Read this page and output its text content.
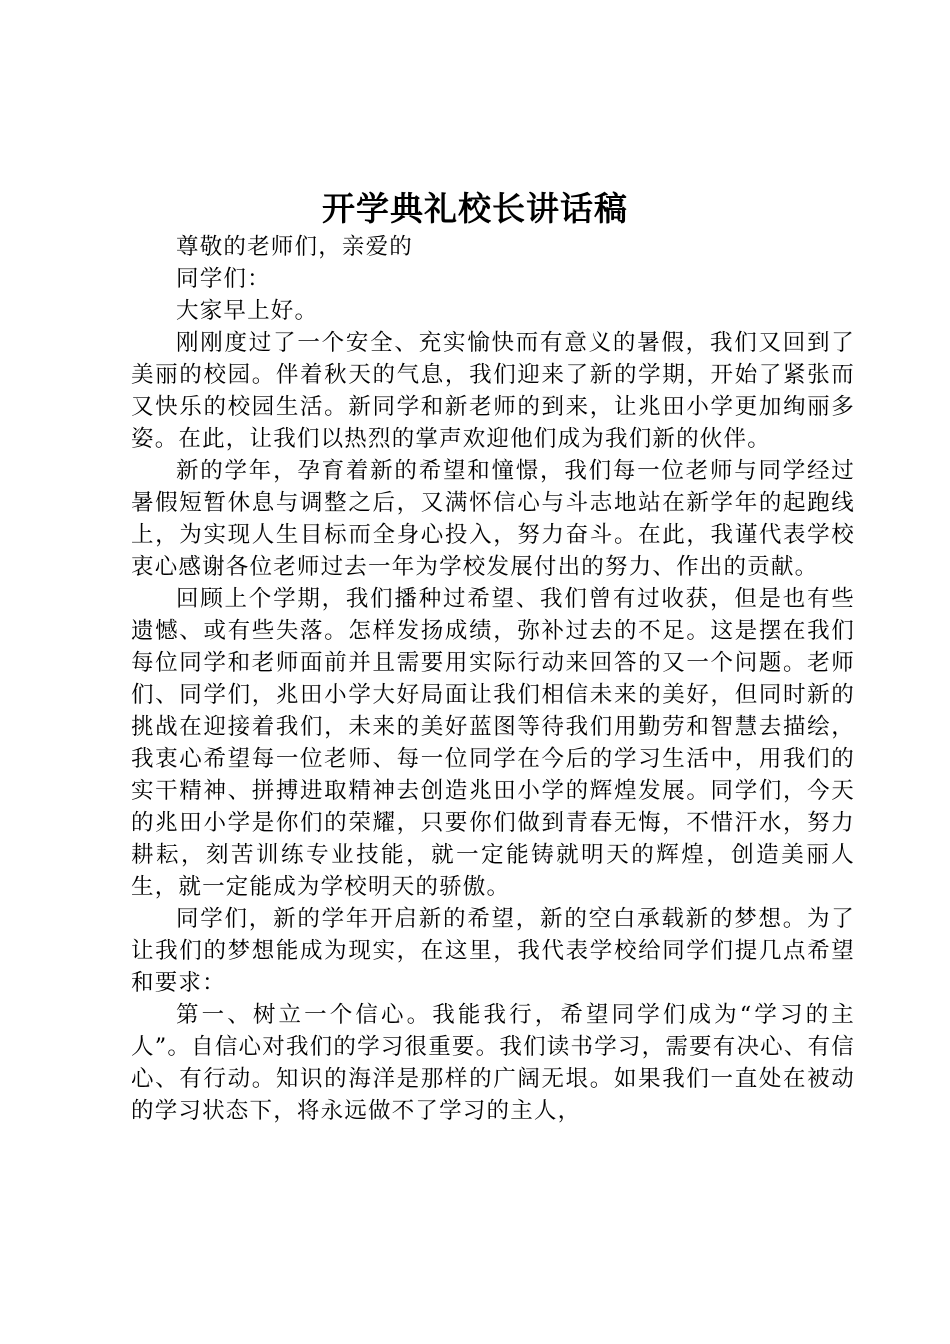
开学典礼校长讲话稿

尊敬的老师们，亲爱的

同学们：

大家早上好。

刚刚度过了一个安全、充实愉快而有意义的暑假，我们又回到了美丽的校园。伴着秋天的气息，我们迎来了新的学期，开始了紧张而又快乐的校园生活。新同学和新老师的到来，让兆田小学更加绚丽多姿。在此，让我们以热烈的掌声欢迎他们成为我们新的伙伴。

新的学年，孕育着新的希望和憧憬，我们每一位老师与同学经过暑假短暂休息与调整之后，又满怀信心与斗志地站在新学年的起跑线上，为实现人生目标而全身心投入，努力奋斗。在此，我谨代表学校衷心感谢各位老师过去一年为学校发展付出的努力、作出的贡献。

回顾上个学期，我们播种过希望、我们曾有过收获，但是也有些遗憾、或有些失落。怎样发扬成绩，弥补过去的不足。这是摆在我们每位同学和老师面前并且需要用实际行动来回答的又一个问题。老师们、同学们，兆田小学大好局面让我们相信未来的美好，但同时新的挑战在迎接着我们，未来的美好蓝图等待我们用勤劳和智慧去描绘，我衷心希望每一位老师、每一位同学在今后的学习生活中，用我们的实干精神、拼搏进取精神去创造兆田小学的辉煌发展。同学们，今天的兆田小学是你们的荣耀，只要你们做到青春无悔，不惜汗水，努力耕耘，刻苦训练专业技能，就一定能铸就明天的辉煌，创造美丽人生，就一定能成为学校明天的骄傲。

同学们，新的学年开启新的希望，新的空白承载新的梦想。为了让我们的梦想能成为现实，在这里，我代表学校给同学们提几点希望和要求：

第一、树立一个信心。我能我行，希望同学们成为“学习的主人”。自信心对我们的学习很重要。我们读书学习，需要有决心、有信心、有行动。知识的海洋是那样的广阔无垠。如果我们一直处在被动的学习状态下，将永远做不了学习的主人，
